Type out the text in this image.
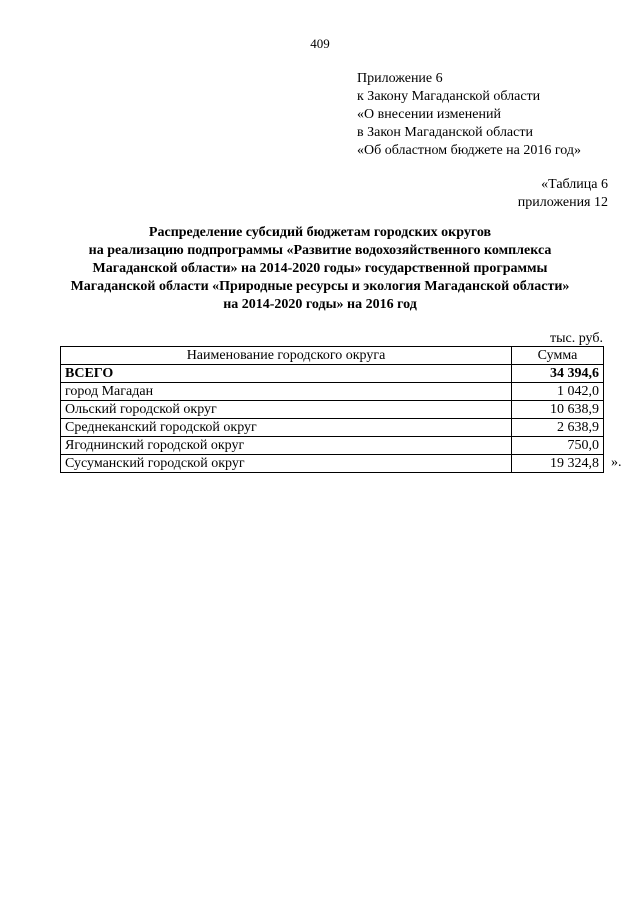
409
Приложение 6
к Закону Магаданской области
«О внесении изменений
в Закон Магаданской области
«Об областном бюджете на 2016 год»
«Таблица 6
приложения 12
Распределение субсидий бюджетам городских округов
на реализацию подпрограммы «Развитие водохозяйственного комплекса
Магаданской области» на 2014-2020 годы» государственной программы
Магаданской области «Природные ресурсы и экология Магаданской области»
на 2014-2020 годы» на 2016 год
тыс. руб.
Наименование городского округа	Сумма
ВСЕГО	34 394,6
город Магадан	1 042,0
Ольский городской округ	10 638,9
Среднеканский городской округ	2 638,9
Ягоднинский городской округ	750,0
Сусуманский городской округ	19 324,8 ».
